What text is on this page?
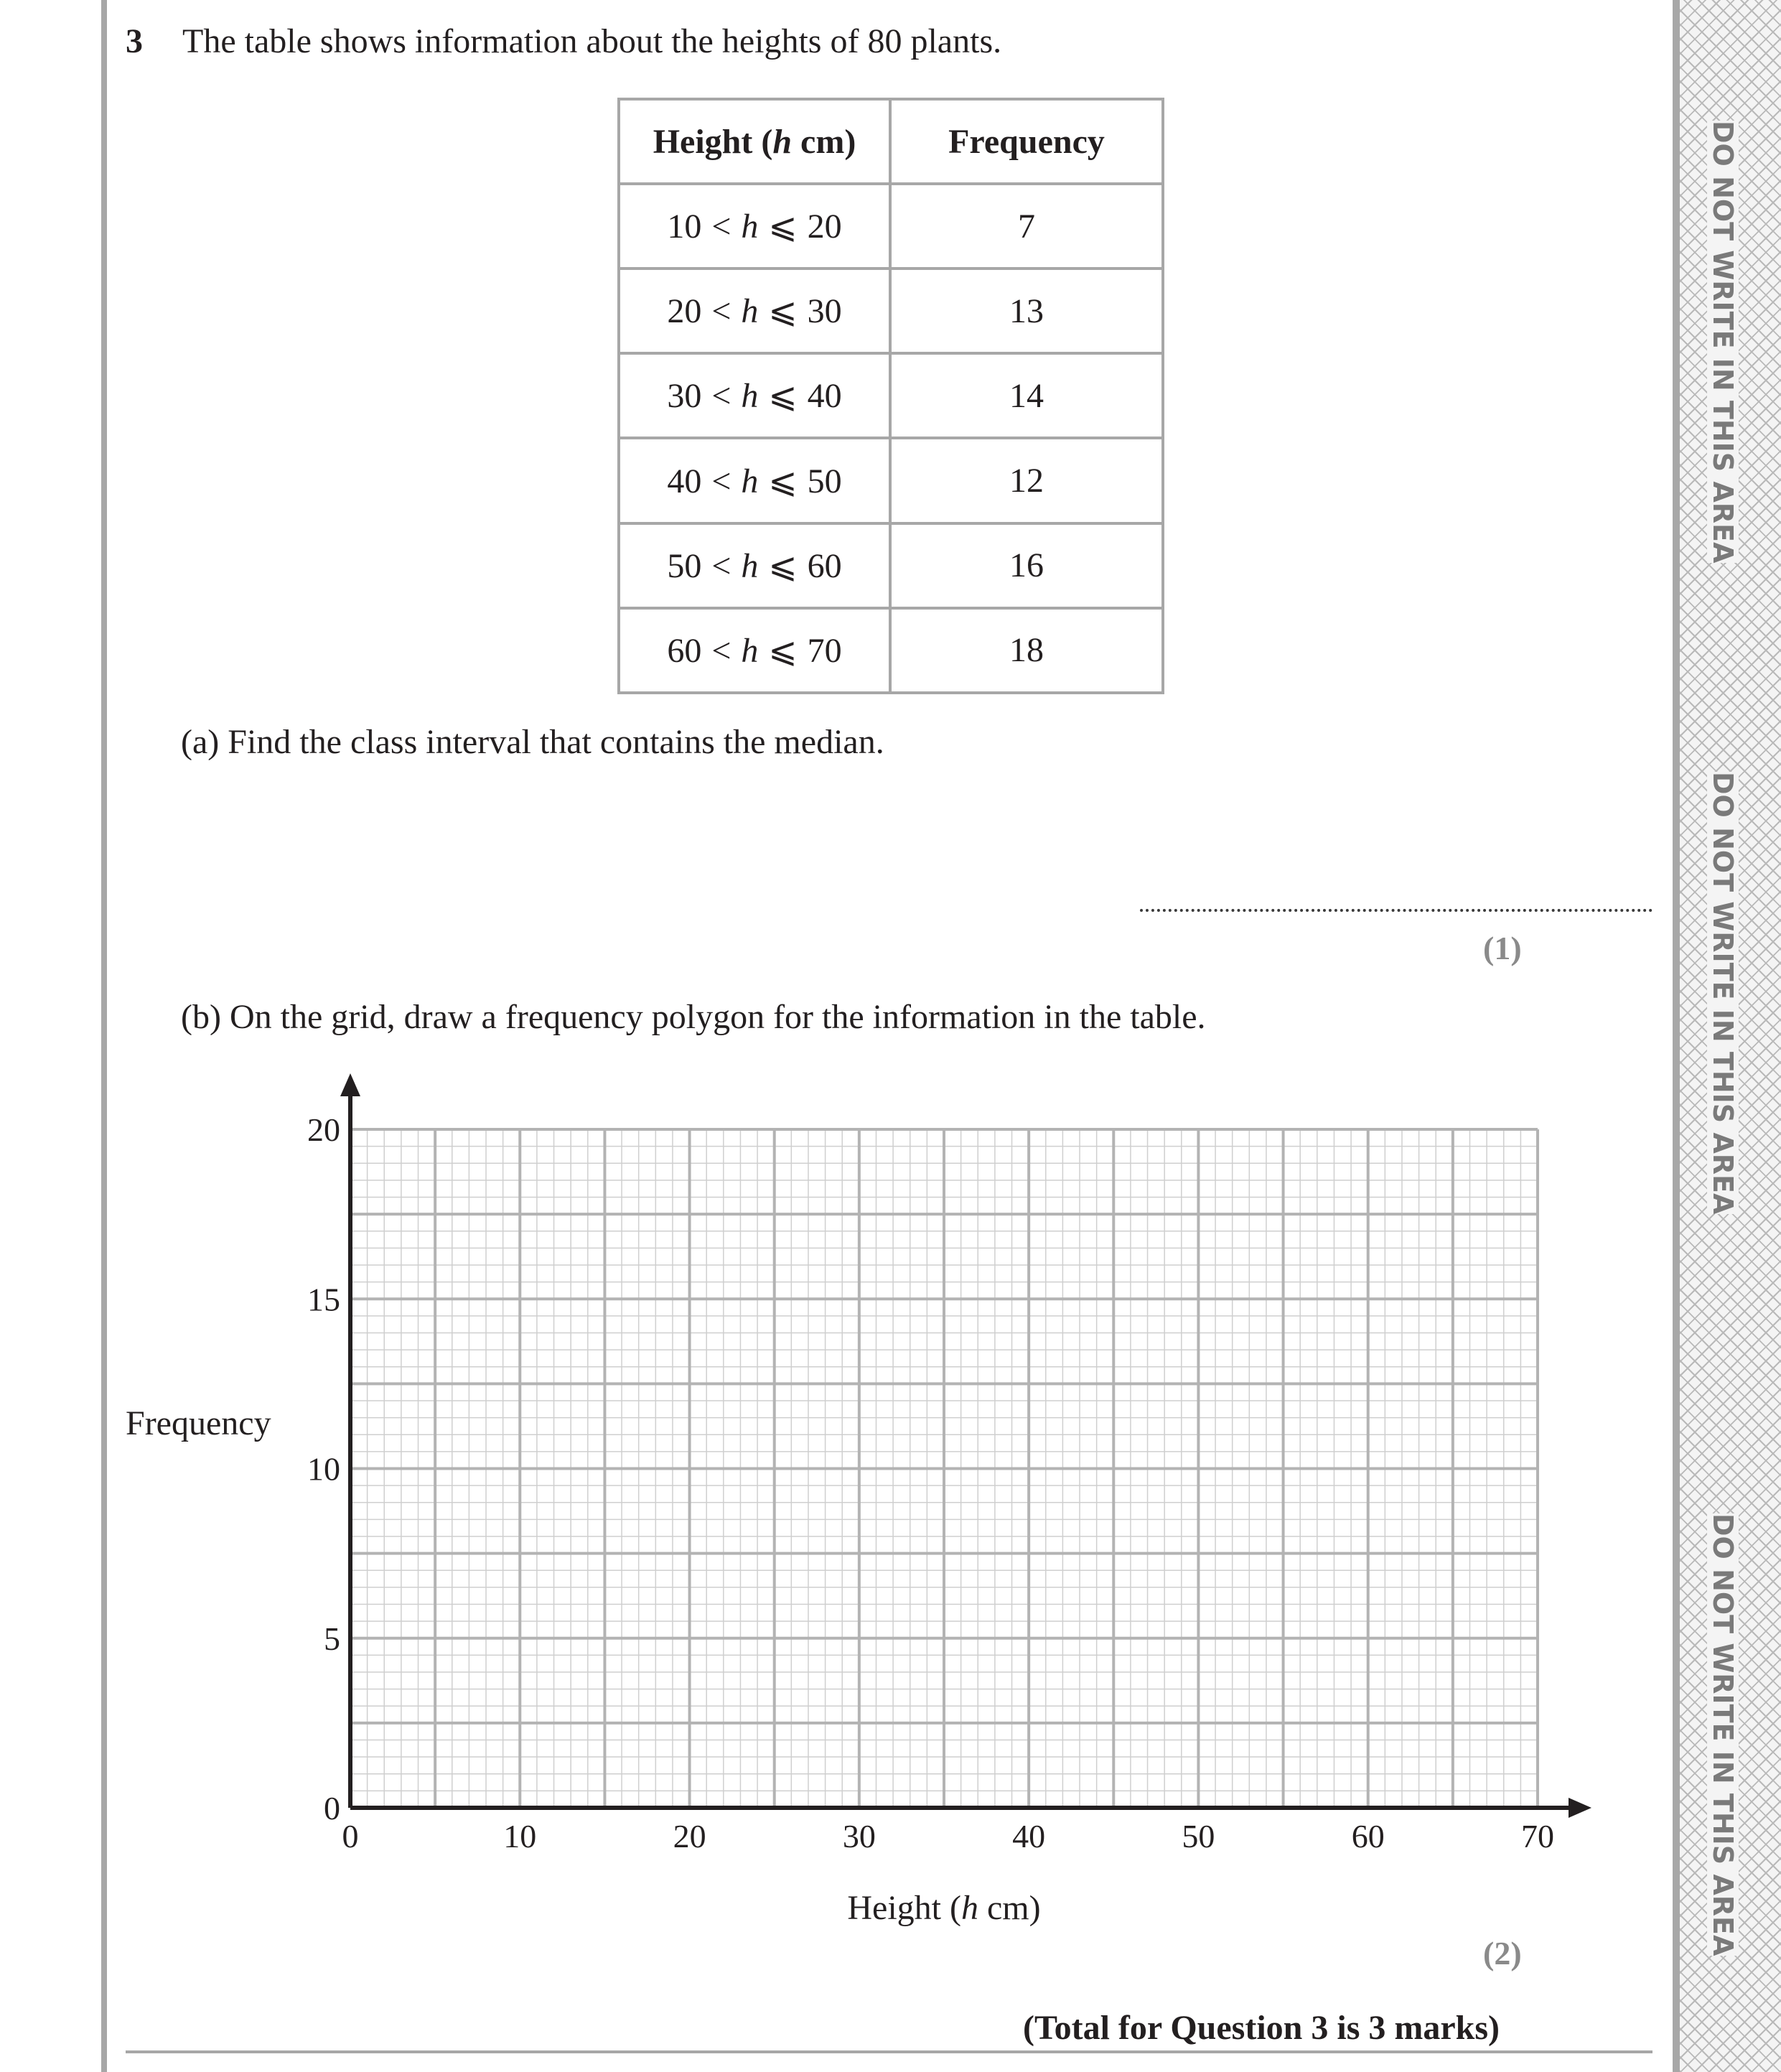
3 The table shows information about the heights of 80 plants.
Height (h cm)	Frequency
10 < h ⩽ 20	7
20 < h ⩽ 30	13
30 < h ⩽ 40	14
40 < h ⩽ 50	12
50 < h ⩽ 60	16
60 < h ⩽ 70	18
(a) Find the class interval that contains the median.
(1)
(b) On the grid, draw a frequency polygon for the information in the table.
0	10	20	30	40	50	60	70
0
5
10
15
20
Height (h cm)
Frequency
(2)
(Total for Question 3 is 3 marks)
DO NOT WRITE IN THIS AREA
DO NOT WRITE IN THIS AREA
DO NOT WRITE IN THIS AREA
